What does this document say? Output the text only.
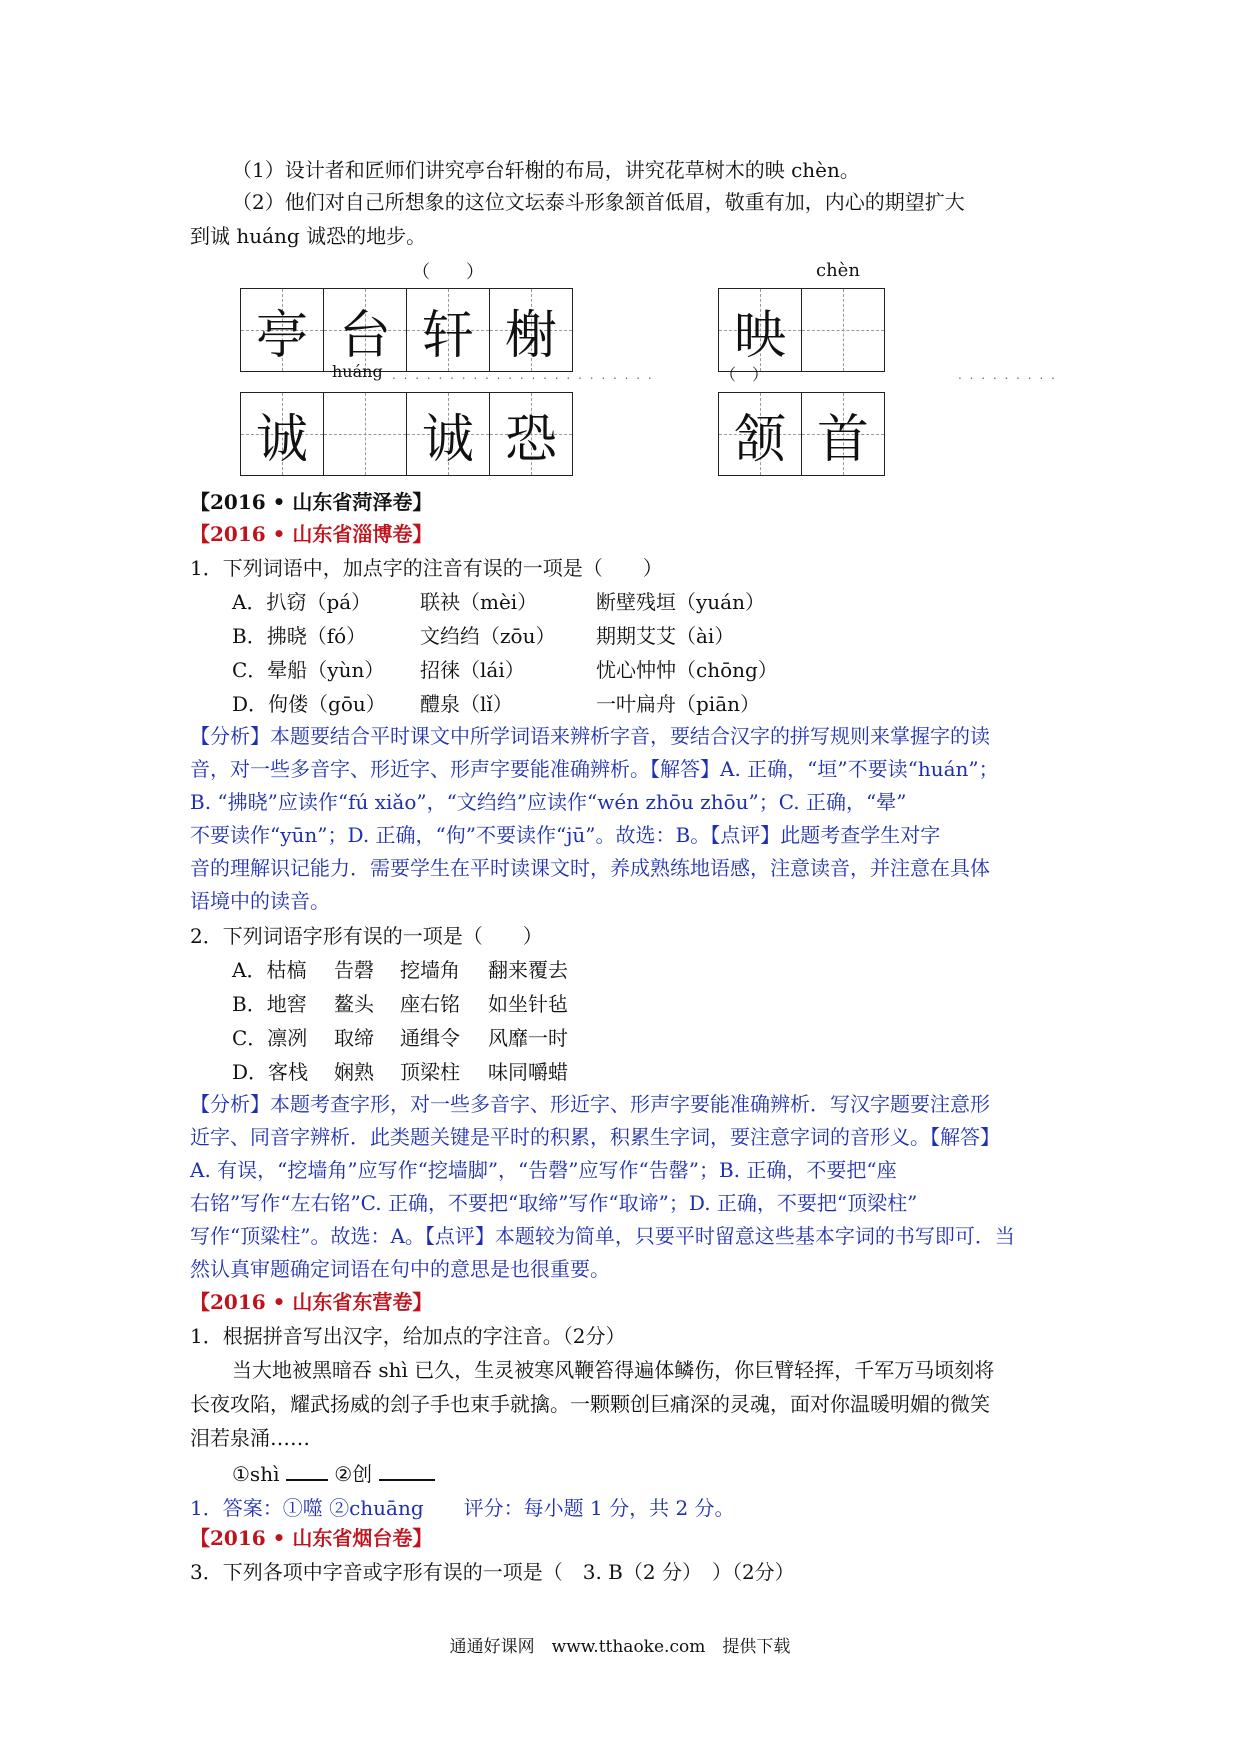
（1）设计者和匠师们讲究亭台轩榭的布局，讲究花草树木的映 chèn。
（2）他们对自己所想象的这位文坛泰斗形象颔首低眉，敬重有加，内心的期望扩大
到诚 huáng 诚恐的地步。
（　　）	chèn
亭 台 轩 榭	映
huáng . . . . . . . . . . . . . . . . . . . . . . .	（　）	. . . . . . . . .
诚 诚 恐	颔 首
【2016 • 山东省菏泽卷】
【2016 • 山东省淄博卷】
1．下列词语中，加点字的注音有误的一项是（　　）
A．扒窃（pá） 联袂（mèi）	断壁残垣（yuán）
B．拂晓（fó）	文绉绉（zōu） 期期艾艾（ài）
C．晕船（yùn） 招徕（lái）	忧心忡忡（chōng）
D．佝偻（gōu） 醴泉（lǐ）	一叶扁舟（piān）
【分析】本题要结合平时课文中所学词语来辨析字音，要结合汉字的拼写规则来掌握字的读
音，对一些多音字、形近字、形声字要能准确辨析。【解答】A. 正确，“垣”不要读“huán”；
B. “拂晓”应读作“fú xiǎo”，“文绉绉”应读作“wén zhōu zhōu”；C. 正确，“晕”
不要读作“yūn”；D. 正确，“佝”不要读作“jū”。故选：B。【点评】此题考查学生对字
音的理解识记能力．需要学生在平时读课文时，养成熟练地语感，注意读音，并注意在具体
语境中的读音。
2．下列词语字形有误的一项是（　　）
A．枯槁 告磬 挖墙角 翻来覆去
B．地窖 鳌头 座右铭 如坐针毡
C．凛冽 取缔 通缉令 风靡一时
D．客栈 娴熟 顶梁柱 味同嚼蜡
【分析】本题考查字形，对一些多音字、形近字、形声字要能准确辨析．写汉字题要注意形
近字、同音字辨析．此类题关键是平时的积累，积累生字词，要注意字词的音形义。【解答】
A. 有误，“挖墙角”应写作“挖墙脚”，“告磬”应写作“告罄”；B. 正确，不要把“座
右铭”写作“左右铭”C. 正确，不要把“取缔”写作“取谛”；D. 正确，不要把“顶梁柱”
写作“顶粱柱”。故选：A。【点评】本题较为简单，只要平时留意这些基本字词的书写即可．当
然认真审题确定词语在句中的意思是也很重要。
【2016 • 山东省东营卷】
1．根据拼音写出汉字，给加点的字注音。（2分）
当大地被黑暗吞 shì 已久，生灵被寒风鞭笞得遍体鳞伤，你巨臂轻挥，千军万马顷刻将
长夜攻陷，耀武扬威的刽子手也束手就擒。一颗颗创巨痛深的灵魂，面对你温暖明媚的微笑
泪若泉涌……
①shì	②创
1．答案：①噬 ②chuāng　　评分：每小题 1 分，共 2 分。
【2016 • 山东省烟台卷】
3．下列各项中字音或字形有误的一项是（　3. B（2 分）　）（2分）
通通好课网　www.tthaoke.com　提供下载
